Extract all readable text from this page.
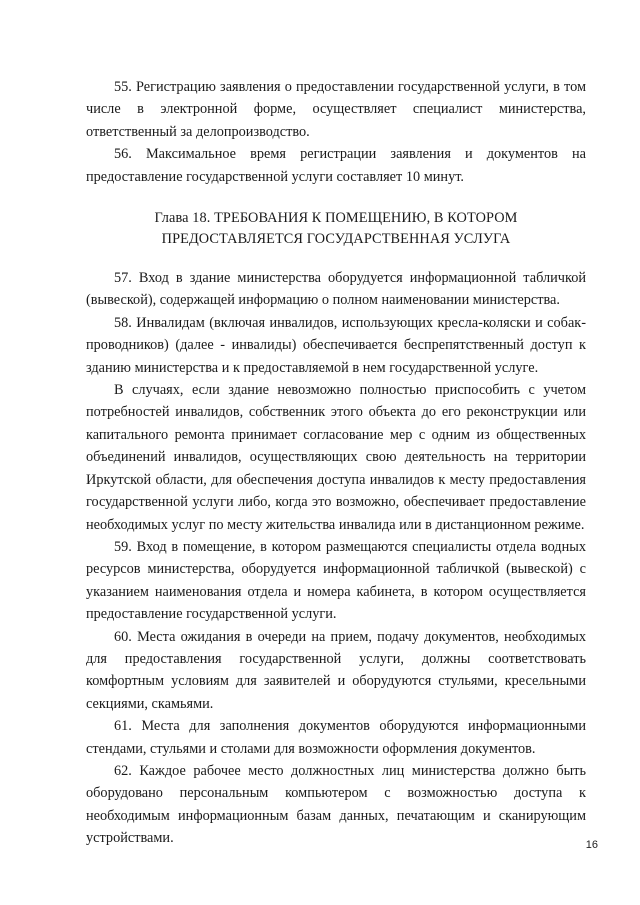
55. Регистрацию заявления о предоставлении государственной услуги, в том числе в электронной форме, осуществляет специалист министерства, ответственный за делопроизводство.

56. Максимальное время регистрации заявления и документов на предоставление государственной услуги составляет 10 минут.

Глава 18. ТРЕБОВАНИЯ К ПОМЕЩЕНИЮ, В КОТОРОМ
ПРЕДОСТАВЛЯЕТСЯ ГОСУДАРСТВЕННАЯ УСЛУГА

57. Вход в здание министерства оборудуется информационной табличкой (вывеской), содержащей информацию о полном наименовании министерства.

58. Инвалидам (включая инвалидов, использующих кресла-коляски и собак-проводников) (далее - инвалиды) обеспечивается беспрепятственный доступ к зданию министерства и к предоставляемой в нем государственной услуге.

В случаях, если здание невозможно полностью приспособить с учетом потребностей инвалидов, собственник этого объекта до его реконструкции или капитального ремонта принимает согласование мер с одним из общественных объединений инвалидов, осуществляющих свою деятельность на территории Иркутской области, для обеспечения доступа инвалидов к месту предоставления государственной услуги либо, когда это возможно, обеспечивает предоставление необходимых услуг по месту жительства инвалида или в дистанционном режиме.

59. Вход в помещение, в котором размещаются специалисты отдела водных ресурсов министерства, оборудуется информационной табличкой (вывеской) с указанием наименования отдела и номера кабинета, в котором осуществляется предоставление государственной услуги.

60. Места ожидания в очереди на прием, подачу документов, необходимых для предоставления государственной услуги, должны соответствовать комфортным условиям для заявителей и оборудуются стульями, кресельными секциями, скамьями.

61. Места для заполнения документов оборудуются информационными стендами, стульями и столами для возможности оформления документов.

62. Каждое рабочее место должностных лиц министерства должно быть оборудовано персональным компьютером с возможностью доступа к необходимым информационным базам данных, печатающим и сканирующим устройствами.	16
